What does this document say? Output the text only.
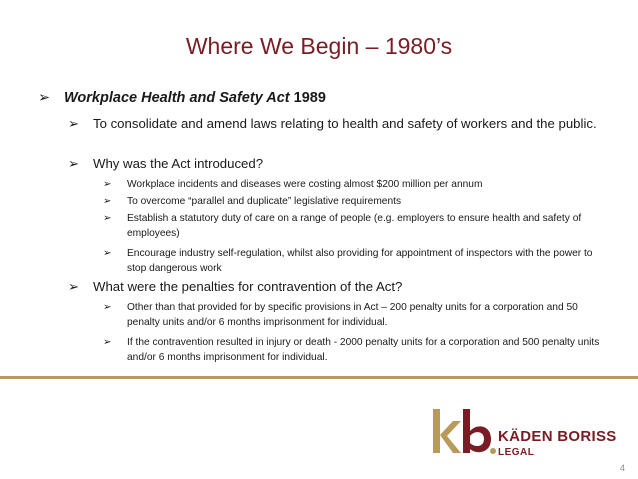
Where We Begin – 1980’s
➢ Workplace Health and Safety Act 1989
➢ To consolidate and amend laws relating to health and safety of workers and the public.
➢ Why was the Act introduced?
➢ Workplace incidents and diseases were costing almost $200 million per annum
➢ To overcome “parallel and duplicate” legislative requirements
➢ Establish a statutory duty of care on a range of people (e.g. employers to ensure health and safety of employees)
➢ Encourage industry self-regulation, whilst also providing for appointment of inspectors with the power to stop dangerous work
➢ What were the penalties for contravention of the Act?
➢ Other than that provided for by specific provisions in Act – 200 penalty units for a corporation and 50 penalty units and/or 6 months imprisonment for individual.
➢ If the contravention resulted in injury or death - 2000 penalty units for a corporation and 500 penalty units and/or 6 months imprisonment for individual.
KÄDEN BORISS
LEGAL
4
